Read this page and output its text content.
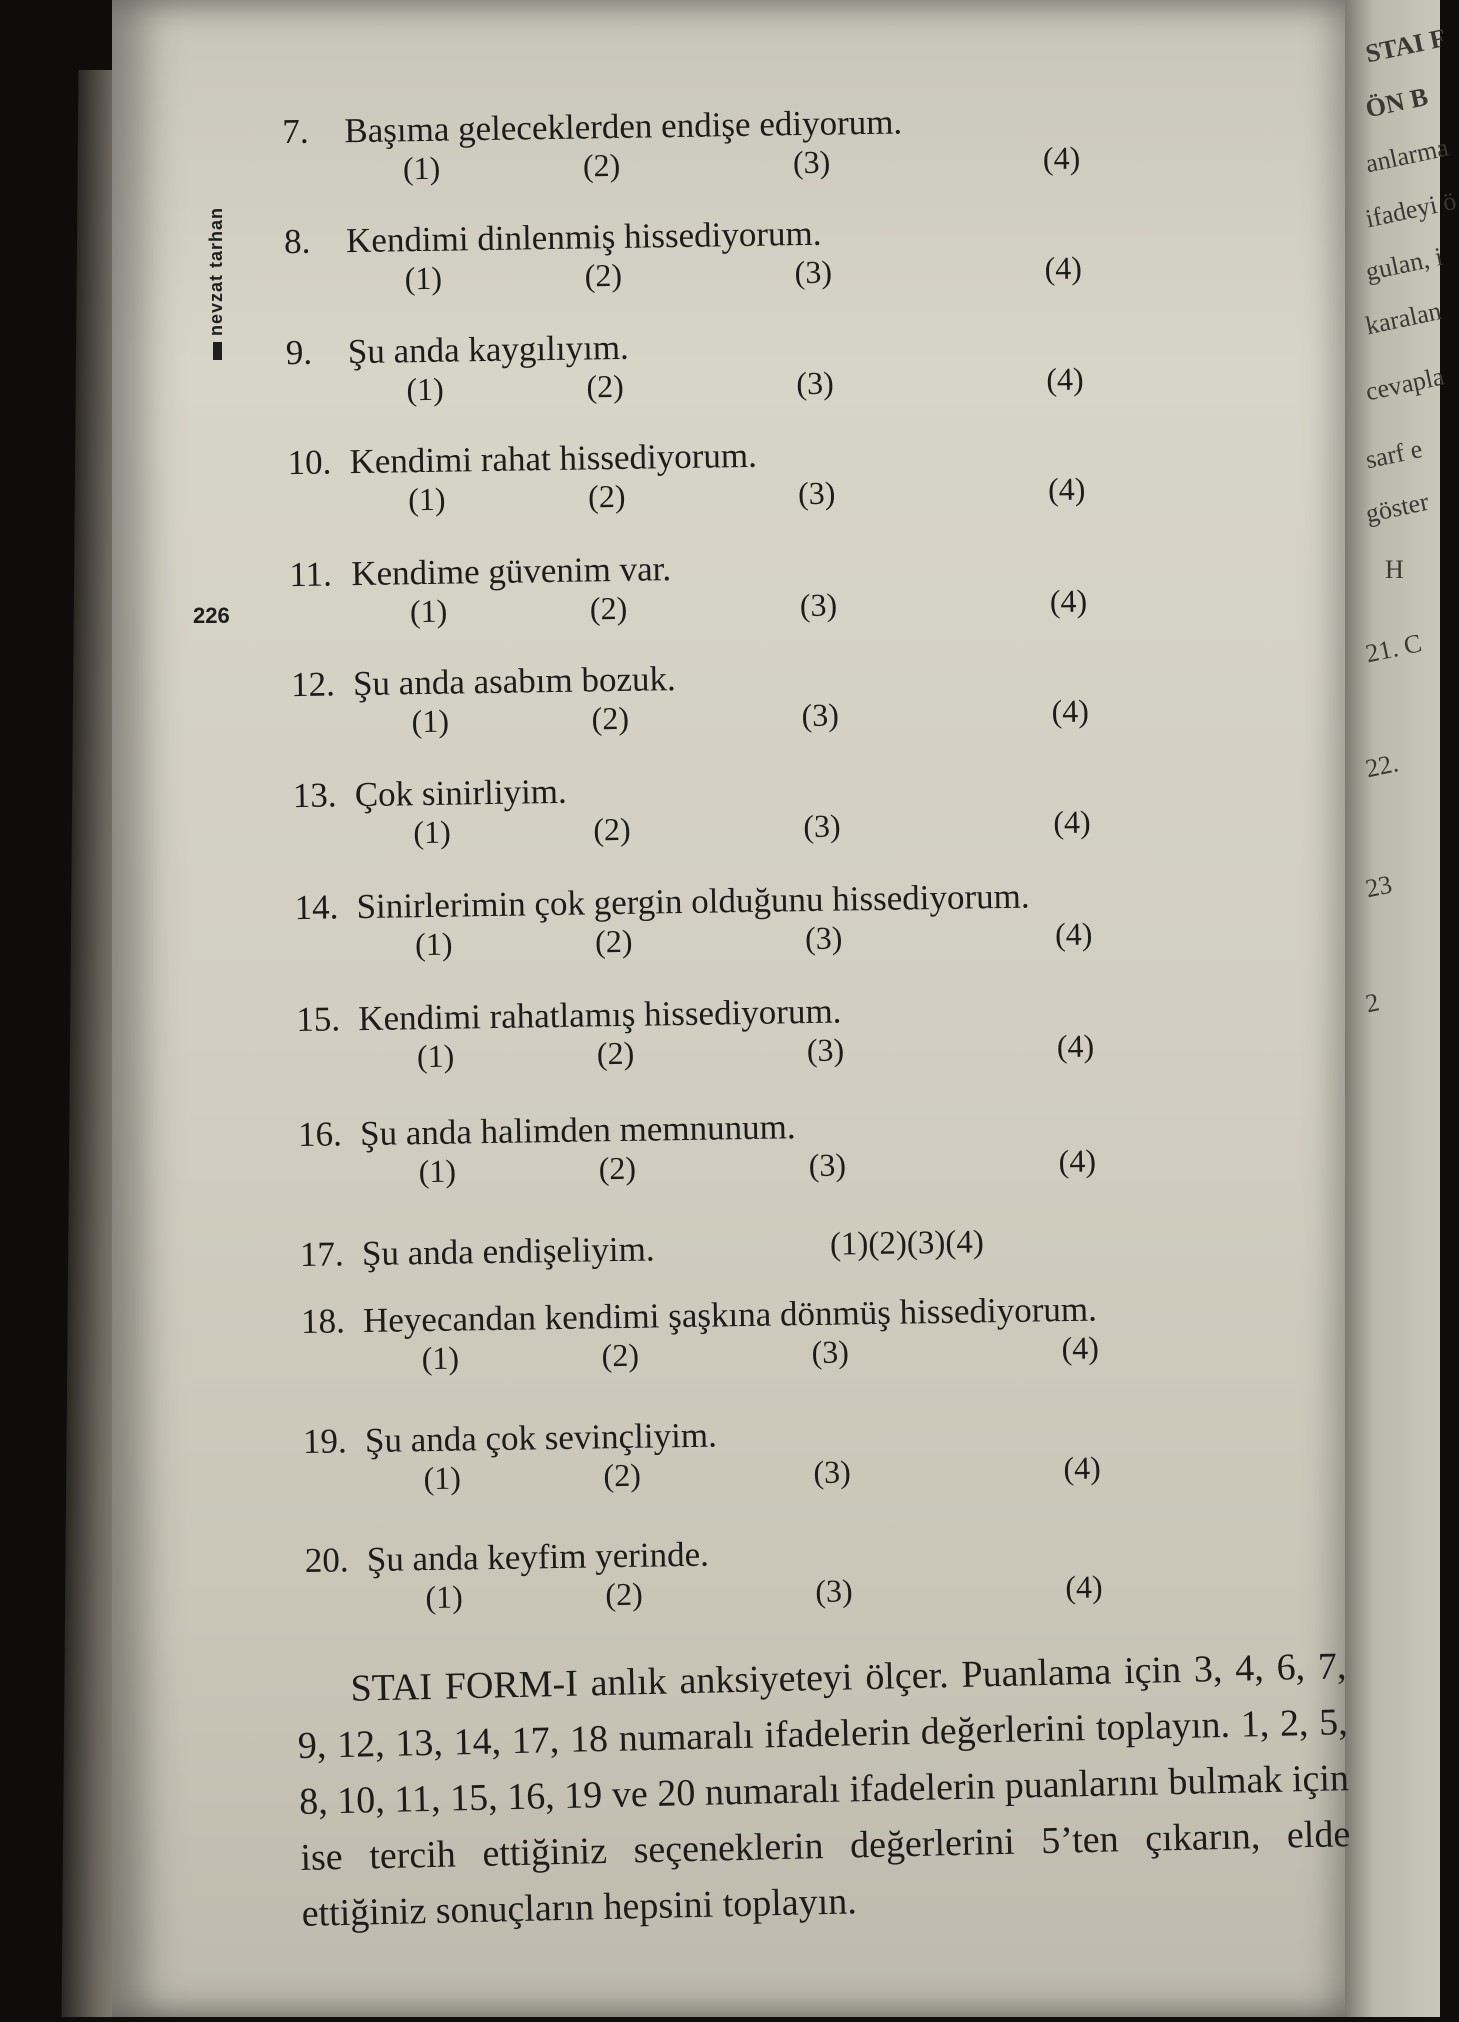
STAI F
ÖN B
anlarma
ifadeyi ö
gulan, i
karalan
cevapla
sarf e
göster
H
21. C
22.
23
2
nevzat tarhan
226
7. Başıma geleceklerden endişe ediyorum.
(1)	(2)	(3)	(4)
8. Kendimi dinlenmiş hissediyorum.
(1)	(2)	(3)	(4)
9. Şu anda kaygılıyım.
(1)	(2)	(3)	(4)
10. Kendimi rahat hissediyorum.
(1)	(2)	(3)	(4)
11. Kendime güvenim var.
(1)	(2)	(3)	(4)
12. Şu anda asabım bozuk.
(1)	(2)	(3)	(4)
13. Çok sinirliyim.
(1)	(2)	(3)	(4)
14. Sinirlerimin çok gergin olduğunu hissediyorum.
(1)	(2)	(3)	(4)
15. Kendimi rahatlamış hissediyorum.
(1)	(2)	(3)	(4)
16. Şu anda halimden memnunum.
(1)	(2)	(3)	(4)
17. Şu anda endişeliyim.	(1)(2)(3)(4)
18. Heyecandan kendimi şaşkına dönmüş hissediyorum.
(1)	(2)	(3)	(4)
19. Şu anda çok sevinçliyim.
(1)	(2)	(3)	(4)
20. Şu anda keyfim yerinde.
(1)	(2)	(3)	(4)
STAI FORM-I anlık anksiyeteyi ölçer. Puanlama için 3, 4, 6, 7, 9, 12, 13, 14, 17, 18 numaralı ifadelerin değerlerini toplayın. 1, 2, 5, 8, 10, 11, 15, 16, 19 ve 20 numaralı ifadelerin puanlarını bulmak için ise tercih ettiğiniz seçeneklerin değerlerini 5’ten çıkarın, elde ettiğiniz sonuçların hepsini toplayın.
